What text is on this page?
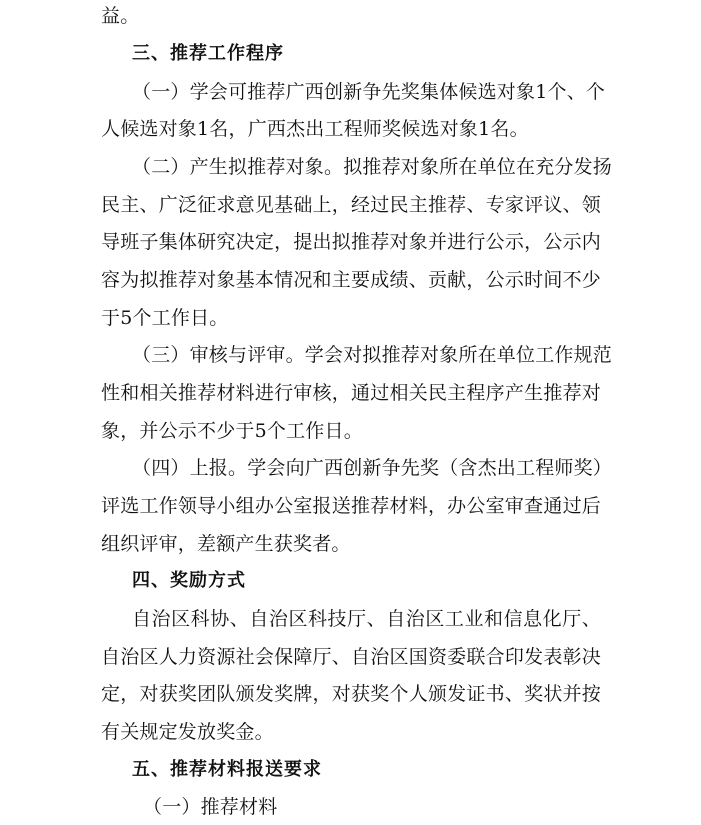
益。
三、推荐工作程序
（一）学会可推荐广西创新争先奖集体候选对象1个、个
人候选对象1名，广西杰出工程师奖候选对象1名。
（二）产生拟推荐对象。拟推荐对象所在单位在充分发扬
民主、广泛征求意见基础上，经过民主推荐、专家评议、领
导班子集体研究决定，提出拟推荐对象并进行公示，公示内
容为拟推荐对象基本情况和主要成绩、贡献，公示时间不少
于5个工作日。
（三）审核与评审。学会对拟推荐对象所在单位工作规范
性和相关推荐材料进行审核，通过相关民主程序产生推荐对
象，并公示不少于5个工作日。
（四）上报。学会向广西创新争先奖（含杰出工程师奖）
评选工作领导小组办公室报送推荐材料，办公室审查通过后
组织评审，差额产生获奖者。
四、奖励方式
自治区科协、自治区科技厅、自治区工业和信息化厅、
自治区人力资源社会保障厅、自治区国资委联合印发表彰决
定，对获奖团队颁发奖牌，对获奖个人颁发证书、奖状并按
有关规定发放奖金。
五、推荐材料报送要求
（一）推荐材料
